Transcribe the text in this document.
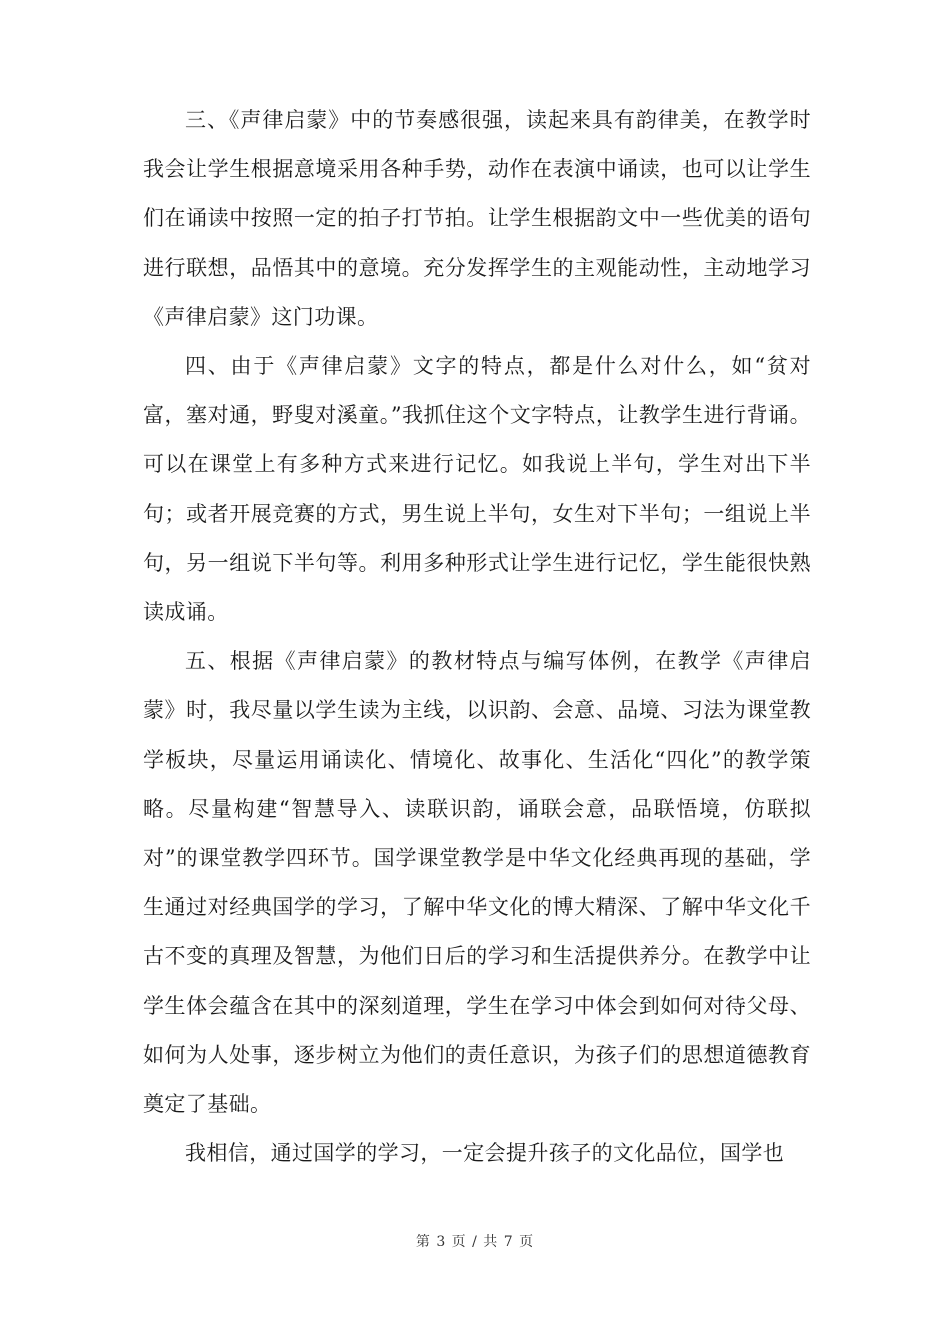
三、《声律启蒙》中的节奏感很强，读起来具有韵律美，在教学时我会让学生根据意境采用各种手势，动作在表演中诵读，也可以让学生们在诵读中按照一定的拍子打节拍。让学生根据韵文中一些优美的语句进行联想，品悟其中的意境。充分发挥学生的主观能动性，主动地学习《声律启蒙》这门功课。

四、由于《声律启蒙》文字的特点，都是什么对什么，如“贫对富，塞对通，野叟对溪童。”我抓住这个文字特点，让教学生进行背诵。可以在课堂上有多种方式来进行记忆。如我说上半句，学生对出下半句；或者开展竞赛的方式，男生说上半句，女生对下半句；一组说上半句，另一组说下半句等。利用多种形式让学生进行记忆，学生能很快熟读成诵。

五、根据《声律启蒙》的教材特点与编写体例，在教学《声律启蒙》时，我尽量以学生读为主线，以识韵、会意、品境、习法为课堂教学板块，尽量运用诵读化、情境化、故事化、生活化“四化”的教学策略。尽量构建“智慧导入、读联识韵，诵联会意，品联悟境，仿联拟对”的课堂教学四环节。国学课堂教学是中华文化经典再现的基础，学生通过对经典国学的学习，了解中华文化的博大精深、了解中华文化千古不变的真理及智慧，为他们日后的学习和生活提供养分。在教学中让学生体会蕴含在其中的深刻道理，学生在学习中体会到如何对待父母、如何为人处事，逐步树立为他们的责任意识，为孩子们的思想道德教育奠定了基础。

我相信，通过国学的学习，一定会提升孩子的文化品位，国学也

第 3 页 / 共 7 页
